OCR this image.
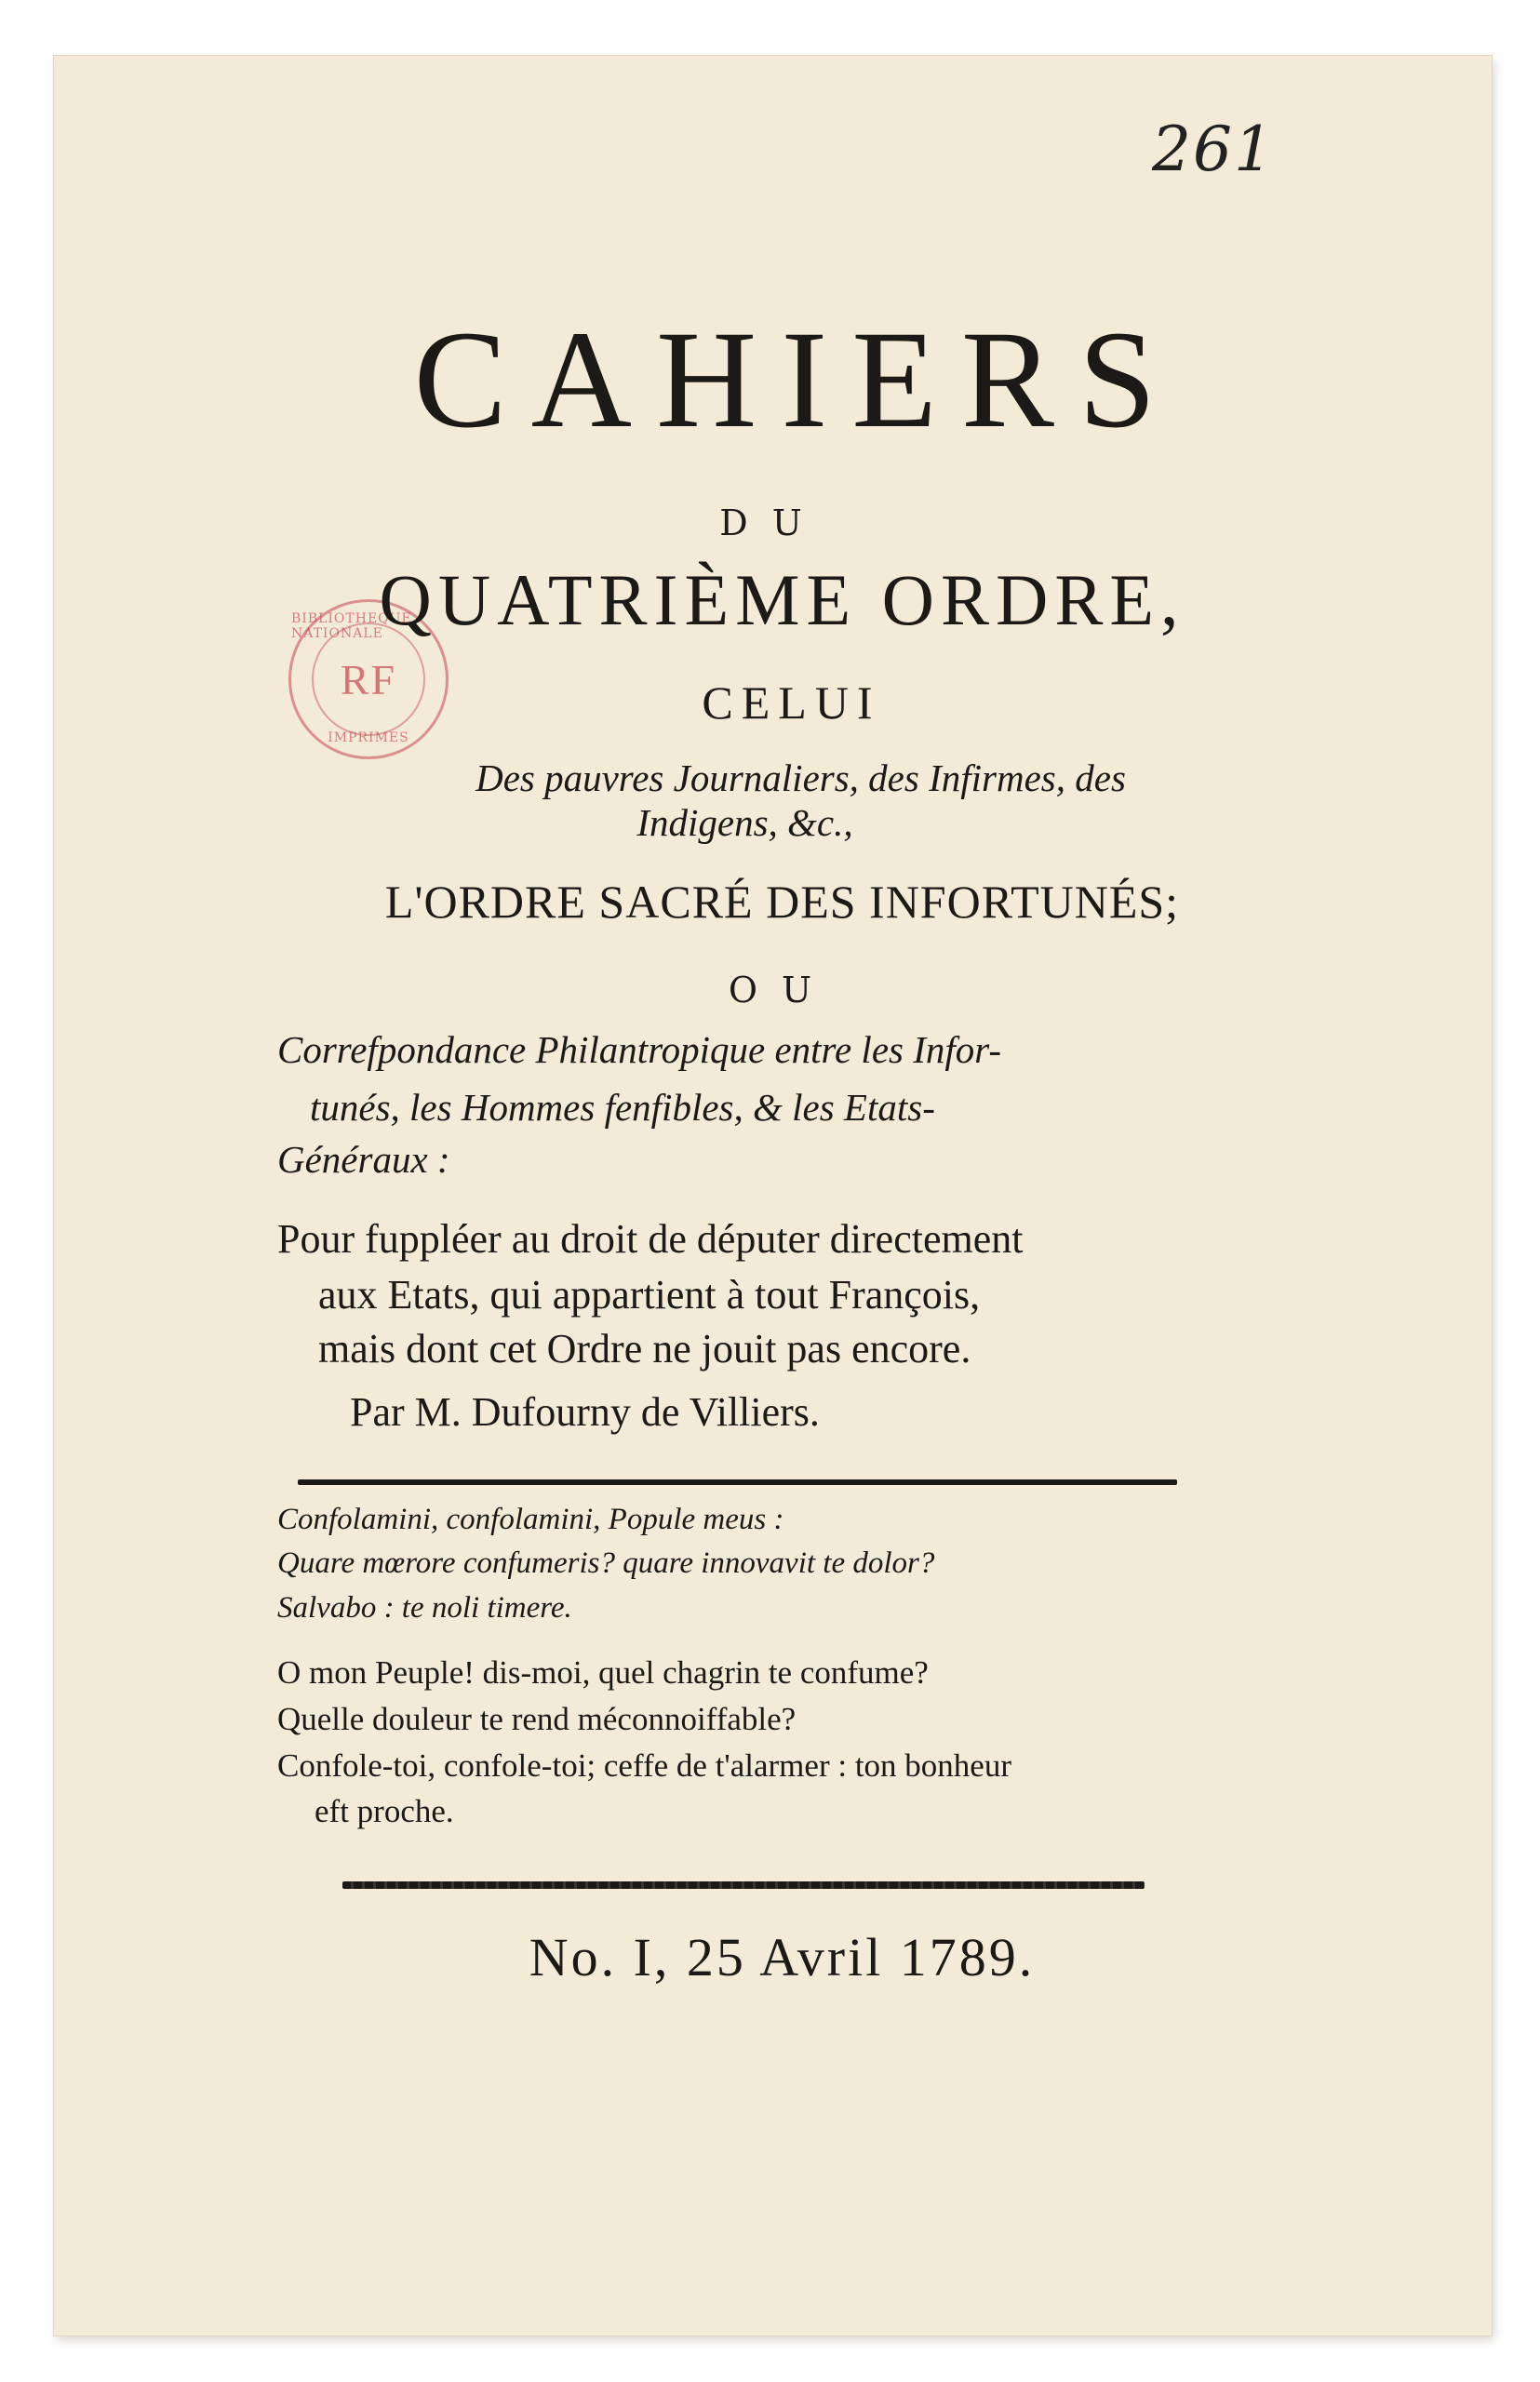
261
BIBLIOTHEQUE NATIONALE
RF
IMPRIMES
CAHIERS
DU
QUATRIÈME ORDRE,
CELUI
Des pauvres Journaliers, des Infirmes, des
Indigens, &c.,
L'ORDRE SACRÉ DES INFORTUNÉS;
OU
Correfpondance Philantropique entre les Infor-
tunés, les Hommes fenfibles, & les Etats-
Généraux :
Pour fuppléer au droit de députer directement
aux Etats, qui appartient à tout François,
mais dont cet Ordre ne jouit pas encore.
Par M. Dufourny de Villiers.
Confolamini, confolamini, Popule meus :
Quare mœrore confumeris? quare innovavit te dolor?
Salvabo : te noli timere.
O mon Peuple! dis-moi, quel chagrin te confume?
Quelle douleur te rend méconnoiffable?
Confole-toi, confole-toi; ceffe de t'alarmer : ton bonheur
eft proche.
No. I, 25 Avril 1789.
